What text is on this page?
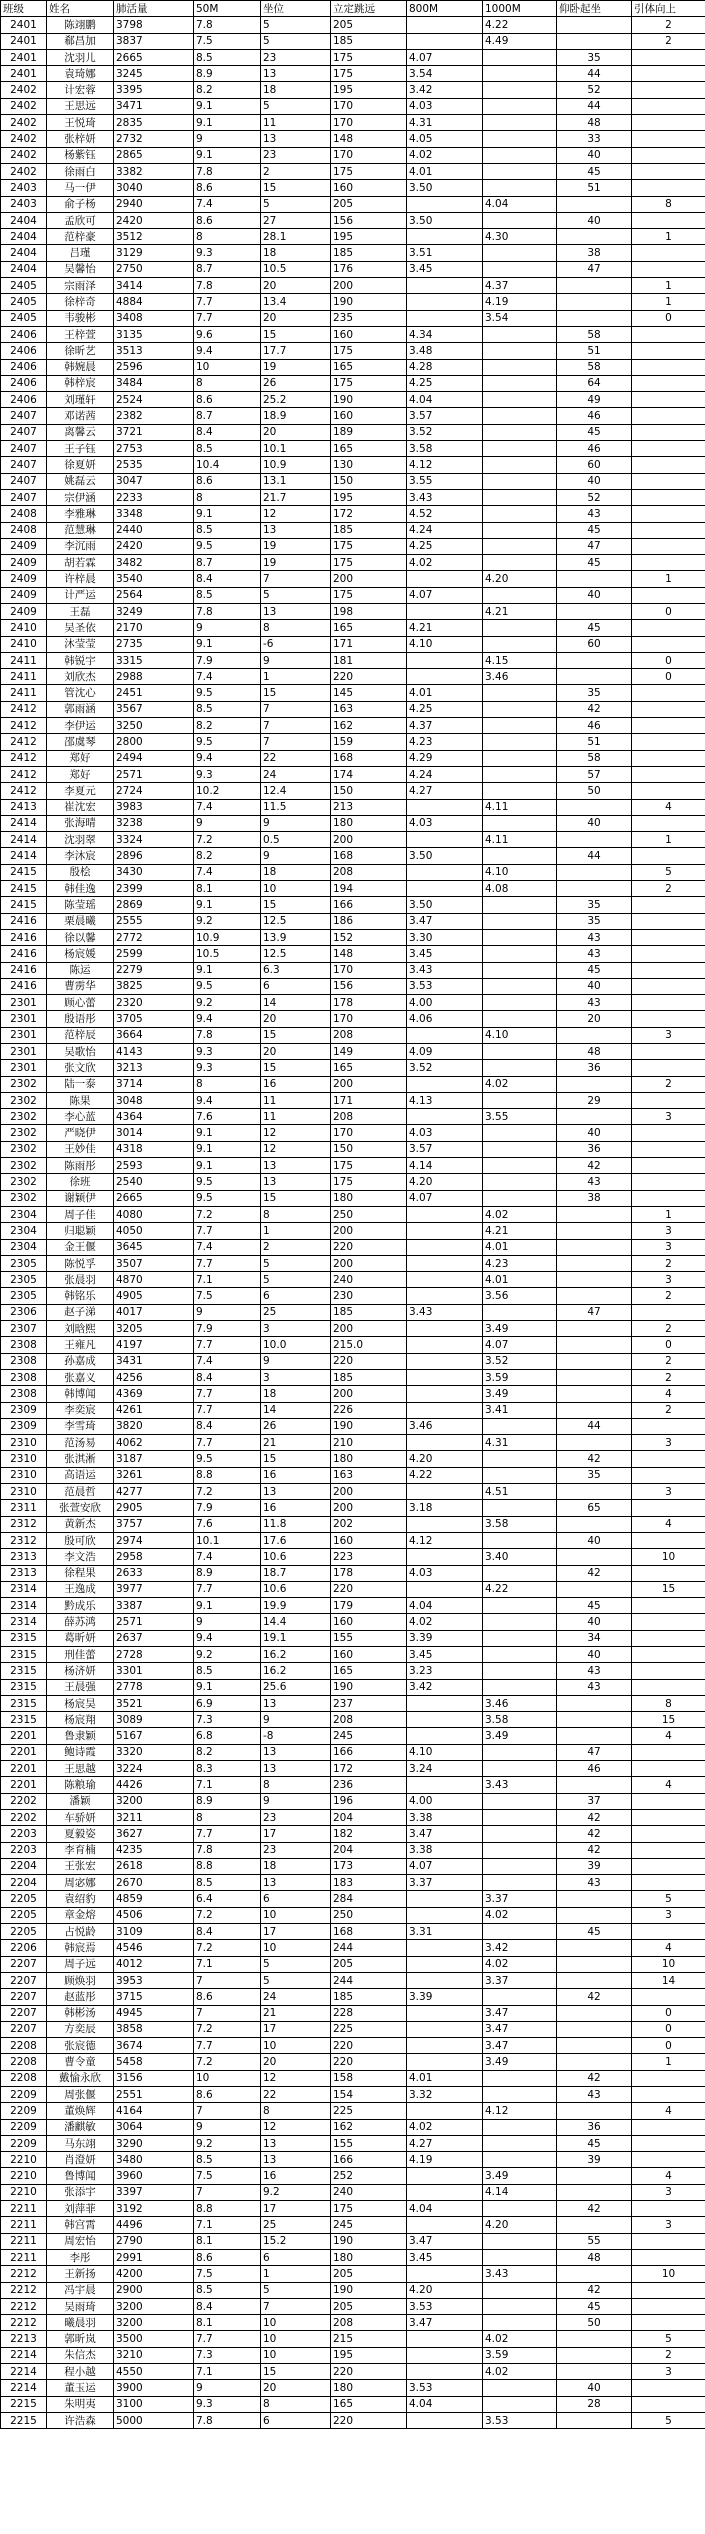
班级	姓名	肺活量	50M	坐位	立定跳远	800M	1000M	仰卧起坐	引体向上	
2401	陈翊鹏	3798	7.8	5	205		4.22		2	
2401	郗昌加	3837	7.5	5	185		4.49		2	
2401	沈羽儿	2665	8.5	23	175	4.07		35		
2401	袁琦娜	3245	8.9	13	175	3.54		44		
2402	计宏蓉	3395	8.2	18	195	3.42		52		
2402	王思远	3471	9.1	5	170	4.03		44		
2402	王悦琦	2835	9.1	11	170	4.31		48		
2402	张梓妍	2732	9	13	148	4.05		33		
2402	杨紫钰	2865	9.1	23	170	4.02		40		
2402	徐雨白	3382	7.8	2	175	4.01		45		
2403	马一伊	3040	8.6	15	160	3.50		51		
2403	俞子杨	2940	7.4	5	205		4.04		8	
2404	孟欣可	2420	8.6	27	156	3.50		40		
2404	范梓豪	3512	8	28.1	195		4.30		1	
2404	吕瑾	3129	9.3	18	185	3.51		38		
2404	吴馨怡	2750	8.7	10.5	176	3.45		47		
2405	宗雨泽	3414	7.8	20	200		4.37		1	
2405	徐梓奇	4884	7.7	13.4	190		4.19		1	
2405	韦骏彬	3408	7.7	20	235		3.54		0	
2406	王梓萱	3135	9.6	15	160	4.34		58		
2406	徐昕艺	3513	9.4	17.7	175	3.48		51		
2406	韩婉晨	2596	10	19	165	4.28		58		
2406	韩梓宸	3484	8	26	175	4.25		64		
2406	刘瑾轩	2524	8.6	25.2	190	4.04		49		
2407	邓诺茜	2382	8.7	18.9	160	3.57		46		
2407	离馨云	3721	8.4	20	189	3.52		45		
2407	王子钰	2753	8.5	10.1	165	3.58		46		
2407	徐夏妍	2535	10.4	10.9	130	4.12		60		
2407	姚磊云	3047	8.6	13.1	150	3.55		40		
2407	宗伊涵	2233	8	21.7	195	3.43		52		
2408	李雅琳	3348	9.1	12	172	4.52		43		
2408	范慧琳	2440	8.5	13	185	4.24		45		
2409	李沉雨	2420	9.5	19	175	4.25		47		
2409	胡若霖	3482	8.7	19	175	4.02		45		
2409	许梓晨	3540	8.4	7	200		4.20		1	
2409	计严运	2564	8.5	5	175	4.07		40		
2409	王磊	3249	7.8	13	198		4.21		0	
2410	吴圣依	2170	9	8	165	4.21		45		
2410	沐莹莹	2735	9.1	-6	171	4.10		60		
2411	韩锐宇	3315	7.9	9	181		4.15		0	
2411	刘欣杰	2988	7.4	1	220		3.46		0	
2411	管沈心	2451	9.5	15	145	4.01		35		
2412	郭雨涵	3567	8.5	7	163	4.25		42		
2412	李伊运	3250	8.2	7	162	4.37		46		
2412	邵虞琴	2800	9.5	7	159	4.23		51		
2412	郑好	2494	9.4	22	168	4.29		58		
2412	郑好	2571	9.3	24	174	4.24		57		
2412	李夏元	2724	10.2	12.4	150	4.27		50		
2413	崔沈宏	3983	7.4	11.5	213		4.11		4	
2414	张海晴	3238	9	9	180	4.03		40		
2414	沈羽翠	3324	7.2	0.5	200		4.11		1	
2414	李沐宸	2896	8.2	9	168	3.50		44		
2415	殷桧	3430	7.4	18	208		4.10		5	
2415	韩佳逸	2399	8.1	10	194		4.08		2	
2415	陈莹瑶	2869	9.1	15	166	3.50		35		
2416	栗晨曦	2555	9.2	12.5	186	3.47		35		
2416	徐以馨	2772	10.9	13.9	152	3.30		43		
2416	杨宸媛	2599	10.5	12.5	148	3.45		43		
2416	陈运	2279	9.1	6.3	170	3.43		45		
2416	曹雳华	3825	9.5	6	156	3.53		40		
2301	顾心蕾	2320	9.2	14	178	4.00		43		
2301	殷语彤	3705	9.4	20	170	4.06		20		
2301	范梓辰	3664	7.8	15	208		4.10		3	
2301	吴歌怡	4143	9.3	20	149	4.09		48		
2301	张文欣	3213	9.3	15	165	3.52		36		
2302	陆一泰	3714	8	16	200		4.02		2	
2302	陈果	3048	9.4	11	171	4.13		29		
2302	李心蓝	4364	7.6	11	208		3.55		3	
2302	严晓伊	3014	9.1	12	170	4.03		40		
2302	王妙佳	4318	9.1	12	150	3.57		36		
2302	陈雨彤	2593	9.1	13	175	4.14		42		
2302	徐班	2540	9.5	13	175	4.20		43		
2302	谢颖伊	2665	9.5	15	180	4.07		38		
2304	周子佳	4080	7.2	8	250		4.02		1	
2304	归聪颖	4050	7.7	1	200		4.21		3	
2304	金王偃	3645	7.4	2	220		4.01		3	
2305	陈悦孚	3507	7.7	5	200		4.23		2	
2305	张晨羽	4870	7.1	5	240		4.01		3	
2305	韩铭乐	4905	7.5	6	230		3.56		2	
2306	赵子涕	4017	9	25	185	3.43		47		
2307	刘晗熙	3205	7.9	3	200		3.49		2	
2308	王雍凡	4197	7.7	10.0	215.0		4.07		0	
2308	孙嘉成	3431	7.4	9	220		3.52		2	
2308	张嘉义	4256	8.4	3	185		3.59		2	
2308	韩博闻	4369	7.7	18	200		3.49		4	
2309	李奕宸	4261	7.7	14	226		3.41		2	
2309	李雪琦	3820	8.4	26	190	3.46		44		
2310	范汤易	4062	7.7	21	210		4.31		3	
2310	张淇淅	3187	9.5	15	180	4.20		42		
2310	高语运	3261	8.8	16	163	4.22		35		
2310	范晨哲	4277	7.2	13	200		4.51		3	
2311	张萱安欣	2905	7.9	16	200	3.18		65		
2312	黄新杰	3757	7.6	11.8	202		3.58		4	
2312	殷可欣	2974	10.1	17.6	160	4.12		40		
2313	李文浩	2958	7.4	10.6	223		3.40		10	
2313	徐程果	2633	8.9	18.7	178	4.03		42		
2314	王逸成	3977	7.7	10.6	220		4.22		15	
2314	黔成乐	3387	9.1	19.9	179	4.04		45		
2314	薛苏鸿	2571	9	14.4	160	4.02		40		
2315	葛昕妍	2637	9.4	19.1	155	3.39		34		
2315	刑佳蕾	2728	9.2	16.2	160	3.45		40		
2315	杨济妍	3301	8.5	16.2	165	3.23		43		
2315	王晨强	2778	9.1	25.6	190	3.42		43		
2315	杨宸昊	3521	6.9	13	237		3.46		8	
2315	杨宸翔	3089	7.3	9	208		3.58		15	
2201	鲁隶颖	5167	6.8	-8	245		3.49		4	
2201	鲍诗霞	3320	8.2	13	166	4.10		47		
2201	王思越	3224	8.3	13	172	3.24		46		
2201	陈粮瑜	4426	7.1	8	236		3.43		4	
2202	潘颖	3200	8.9	9	196	4.00		37		
2202	车骄妍	3211	8	23	204	3.38		42		
2203	夏毅姿	3627	7.7	17	182	3.47		42		
2203	李育楠	4235	7.8	23	204	3.38		42		
2204	王张宏	2618	8.8	18	173	4.07		39		
2204	周宓娜	2670	8.5	13	183	3.37		43		
2205	袁绍豹	4859	6.4	6	284		3.37		5	
2205	章金熔	4506	7.2	10	250		4.02		3	
2205	占悦龄	3109	8.4	17	168	3.31		45		
2206	韩宸焉	4546	7.2	10	244		3.42		4	
2207	周子远	4012	7.1	5	205		4.02		10	
2207	顾焕羽	3953	7	5	244		3.37		14	
2207	赵蓝彤	3715	8.6	24	185	3.39		42		
2207	韩彬汤	4945	7	21	228		3.47		0	
2207	方奕辰	3858	7.2	17	225		3.47		0	
2208	张宸德	3674	7.7	10	220		3.47		0	
2208	曹令童	5458	7.2	20	220		3.49		1	
2208	戴愉永欣	3156	10	12	158	4.01		42		
2209	周张偃	2551	8.6	22	154	3.32		43		
2209	董焕辉	4164	7	8	225		4.12		4	
2209	潘麒敏	3064	9	12	162	4.02		36		
2209	马东翊	3290	9.2	13	155	4.27		45		
2210	肖澄妍	3480	8.5	13	166	4.19		39		
2210	鲁博闻	3960	7.5	16	252		3.49		4	
2210	张添宇	3397	7	9.2	240		4.14		3	
2211	刘萍菲	3192	8.8	17	175	4.04		42		
2211	韩宫霄	4496	7.1	25	245		4.20		3	
2211	周宏怡	2790	8.1	15.2	190	3.47		55		
2211	李彤	2991	8.6	6	180	3.45		48		
2212	王新扬	4200	7.5	1	205		3.43		10	
2212	冯宇晨	2900	8.5	5	190	4.20		42		
2212	吴雨琦	3200	8.4	7	205	3.53		45		
2212	曦晨羽	3200	8.1	10	208	3.47		50		
2213	郭昕岚	3500	7.7	10	215		4.02		5	
2214	朱信杰	3210	7.3	10	195		3.59		2	
2214	程小越	4550	7.1	15	220		4.02		3	
2214	董玉运	3900	9	20	180	3.53		40		
2215	朱明夷	3100	9.3	8	165	4.04		28		
2215	许浩森	5000	7.8	6	220		3.53		5	
